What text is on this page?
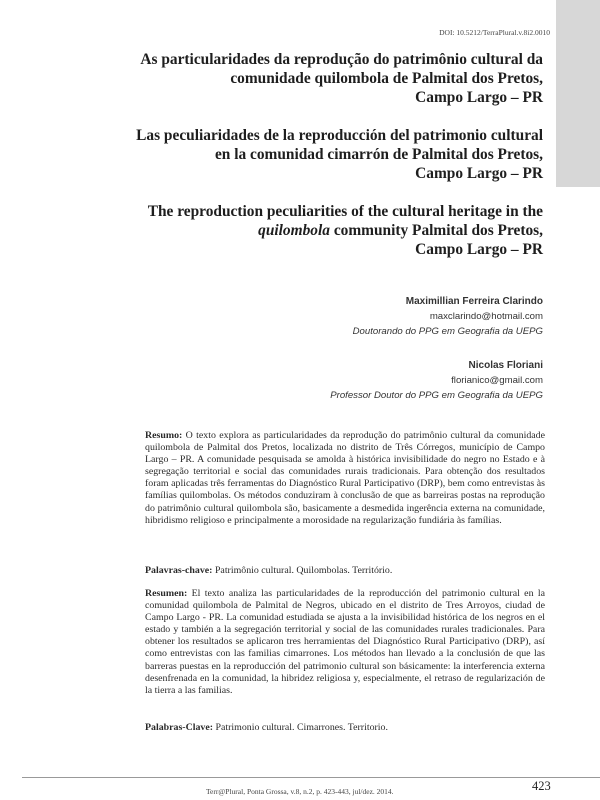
DOI: 10.5212/TerraPlural.v.8i2.0010
As particularidades da reprodução do patrimônio cultural da
comunidade quilombola de Palmital dos Pretos,
Campo Largo – PR
Las peculiaridades de la reproducción del patrimonio cultural
en la comunidad cimarrón de Palmital dos Pretos,
Campo Largo – PR
The reproduction peculiarities of the cultural heritage in the
quilombola community Palmital dos Pretos,
Campo Largo – PR
Maximillian Ferreira Clarindo
maxclarindo@hotmail.com
Doutorando do PPG em Geografia da UEPG
Nicolas Floriani
florianico@gmail.com
Professor Doutor do PPG em Geografia da UEPG
Resumo: O texto explora as particularidades da reprodução do patrimônio cultural da comunidade quilombola de Palmital dos Pretos, localizada no distrito de Três Córregos, município de Campo Largo – PR. A comunidade pesquisada se amolda à histórica invisibilidade do negro no Estado e à segregação territorial e social das comunidades rurais tradicionais. Para obtenção dos resultados foram aplicadas três ferramentas do Diagnóstico Rural Participativo (DRP), bem como entrevistas às famílias quilombolas. Os métodos conduziram à conclusão de que as barreiras postas na reprodução do patrimônio cultural quilombola são, basicamente a desmedida ingerência externa na comunidade, hibridismo religioso e principalmente a morosidade na regularização fundiária às famílias.
Palavras-chave: Patrimônio cultural. Quilombolas. Território.
Resumen: El texto analiza las particularidades de la reproducción del patrimonio cultural en la comunidad quilombola de Palmital de Negros, ubicado en el distrito de Tres Arroyos, ciudad de Campo Largo - PR. La comunidad estudiada se ajusta a la invisibilidad histórica de los negros en el estado y también a la segregación territorial y social de las comunidades rurales tradicionales. Para obtener los resultados se aplicaron tres herramientas del Diagnóstico Rural Participativo (DRP), así como entrevistas con las familias cimarrones. Los métodos han llevado a la conclusión de que las barreras puestas en la reproducción del patrimonio cultural son básicamente: la interferencia externa desenfrenada en la comunidad, la hibridez religiosa y, especialmente, el retraso de regularización de la tierra a las familias.
Palabras-Clave: Patrimonio cultural. Cimarrones. Territorio.
Terr@Plural, Ponta Grossa, v.8, n.2, p. 423-443, jul/dez. 2014.	423
